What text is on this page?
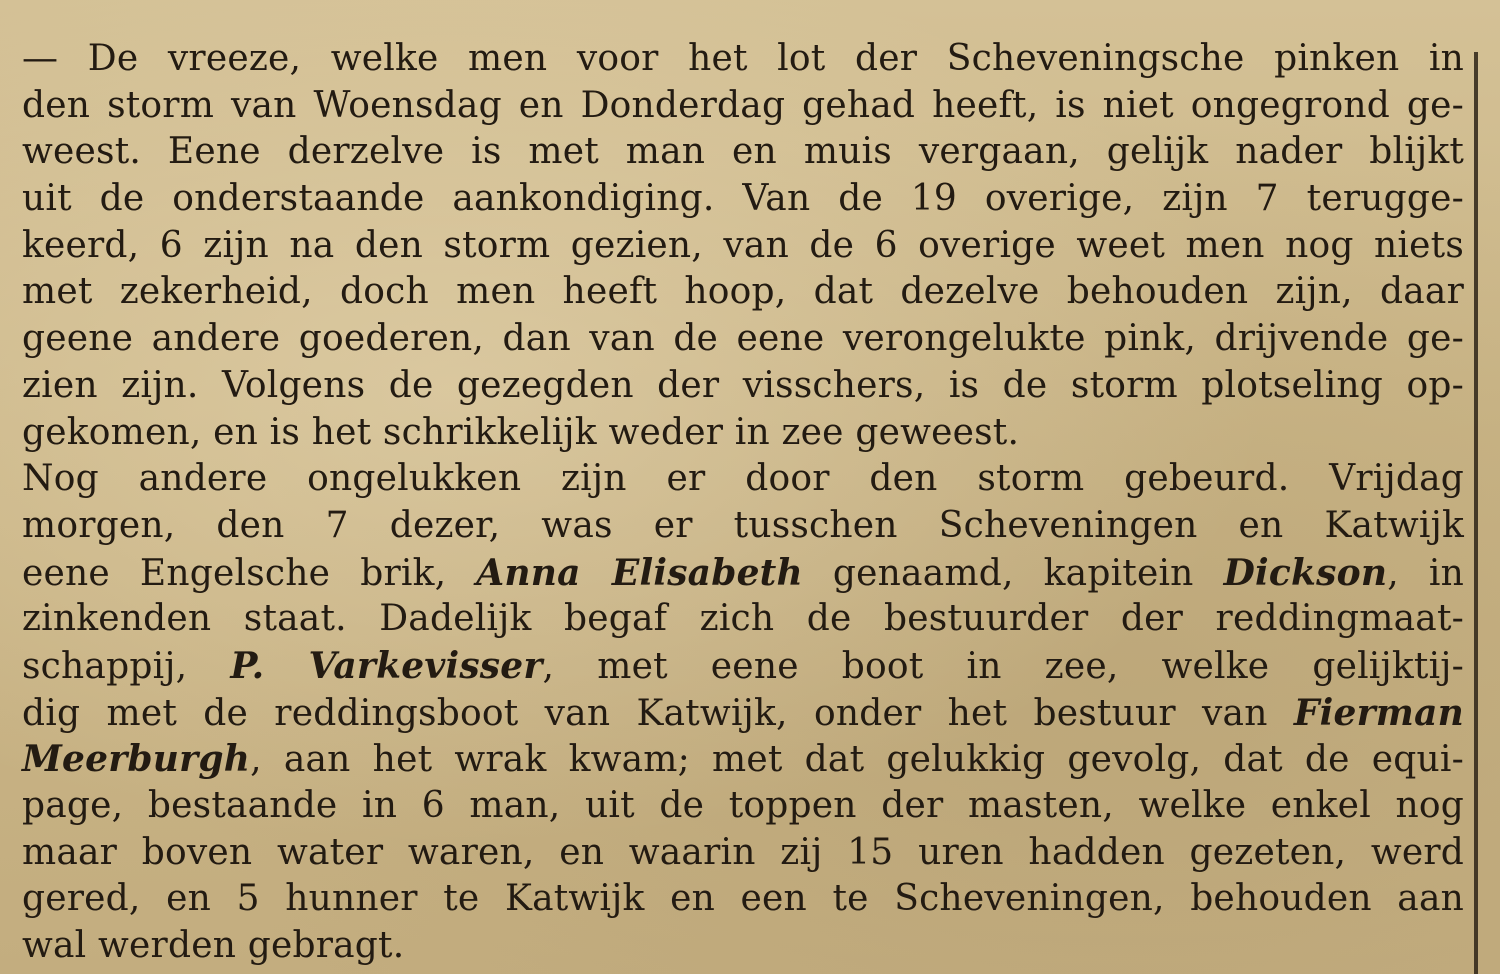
— De vreeze, welke men voor het lot der Scheveningsche pinken in
den storm van Woensdag en Donderdag gehad heeft, is niet ongegrond ge-
weest. Eene derzelve is met man en muis vergaan, gelijk nader blijkt
uit de onderstaande aankondiging. Van de 19 overige, zijn 7 terugge-
keerd, 6 zijn na den storm gezien, van de 6 overige weet men nog niets
met zekerheid, doch men heeft hoop, dat dezelve behouden zijn, daar
geene andere goederen, dan van de eene verongelukte pink, drijvende ge-
zien zijn. Volgens de gezegden der visschers, is de storm plotseling op-
gekomen, en is het schrikkelijk weder in zee geweest.
Nog andere ongelukken zijn er door den storm gebeurd. Vrijdag
morgen, den 7 dezer, was er tusschen Scheveningen en Katwijk
eene Engelsche brik, Anna Elisabeth genaamd, kapitein Dickson, in
zinkenden staat. Dadelijk begaf zich de bestuurder der reddingmaat-
schappij, P. Varkevisser, met eene boot in zee, welke gelijktij-
dig met de reddingsboot van Katwijk, onder het bestuur van Fierman
Meerburgh, aan het wrak kwam; met dat gelukkig gevolg, dat de equi-
page, bestaande in 6 man, uit de toppen der masten, welke enkel nog
maar boven water waren, en waarin zij 15 uren hadden gezeten, werd
gered, en 5 hunner te Katwijk en een te Scheveningen, behouden aan
wal werden gebragt.
